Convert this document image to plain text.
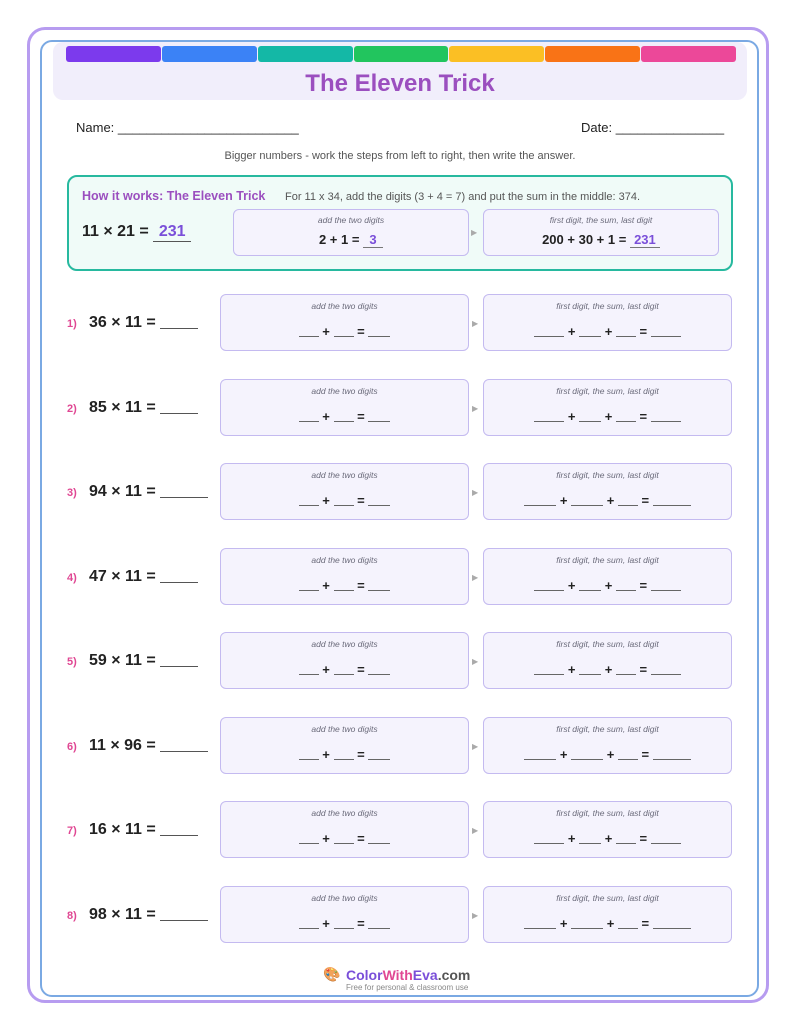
The Eleven Trick
Name: _________________________	Date: _______________
Bigger numbers - work the steps from left to right, then write the answer.
How it works: The Eleven Trick For 11 x 34, add the digits (3 + 4 = 7) and put the sum in the middle: 374.
11 × 21 = 231
add the two digits
2 + 1 = 3	▶
first digit, the sum, last digit
200 + 30 + 1 = 231
1) 36 × 11 =
add the two digits
+  =
▶
first digit, the sum, last digit
+  +  =
2) 85 × 11 =
add the two digits
+  =
▶
first digit, the sum, last digit
+  +  =
3) 94 × 11 =
add the two digits
+  =
▶
first digit, the sum, last digit
+  +  =
4) 47 × 11 =
add the two digits
+  =
▶
first digit, the sum, last digit
+  +  =
5) 59 × 11 =
add the two digits
+  =
▶
first digit, the sum, last digit
+  +  =
6) 11 × 96 =
add the two digits
+  =
▶
first digit, the sum, last digit
+  +  =
7) 16 × 11 =
add the two digits
+  =
▶
first digit, the sum, last digit
+  +  =
8) 98 × 11 =
add the two digits
+  =
▶
first digit, the sum, last digit
+  +  =
🎨 ColorWithEva.com
Free for personal & classroom use
